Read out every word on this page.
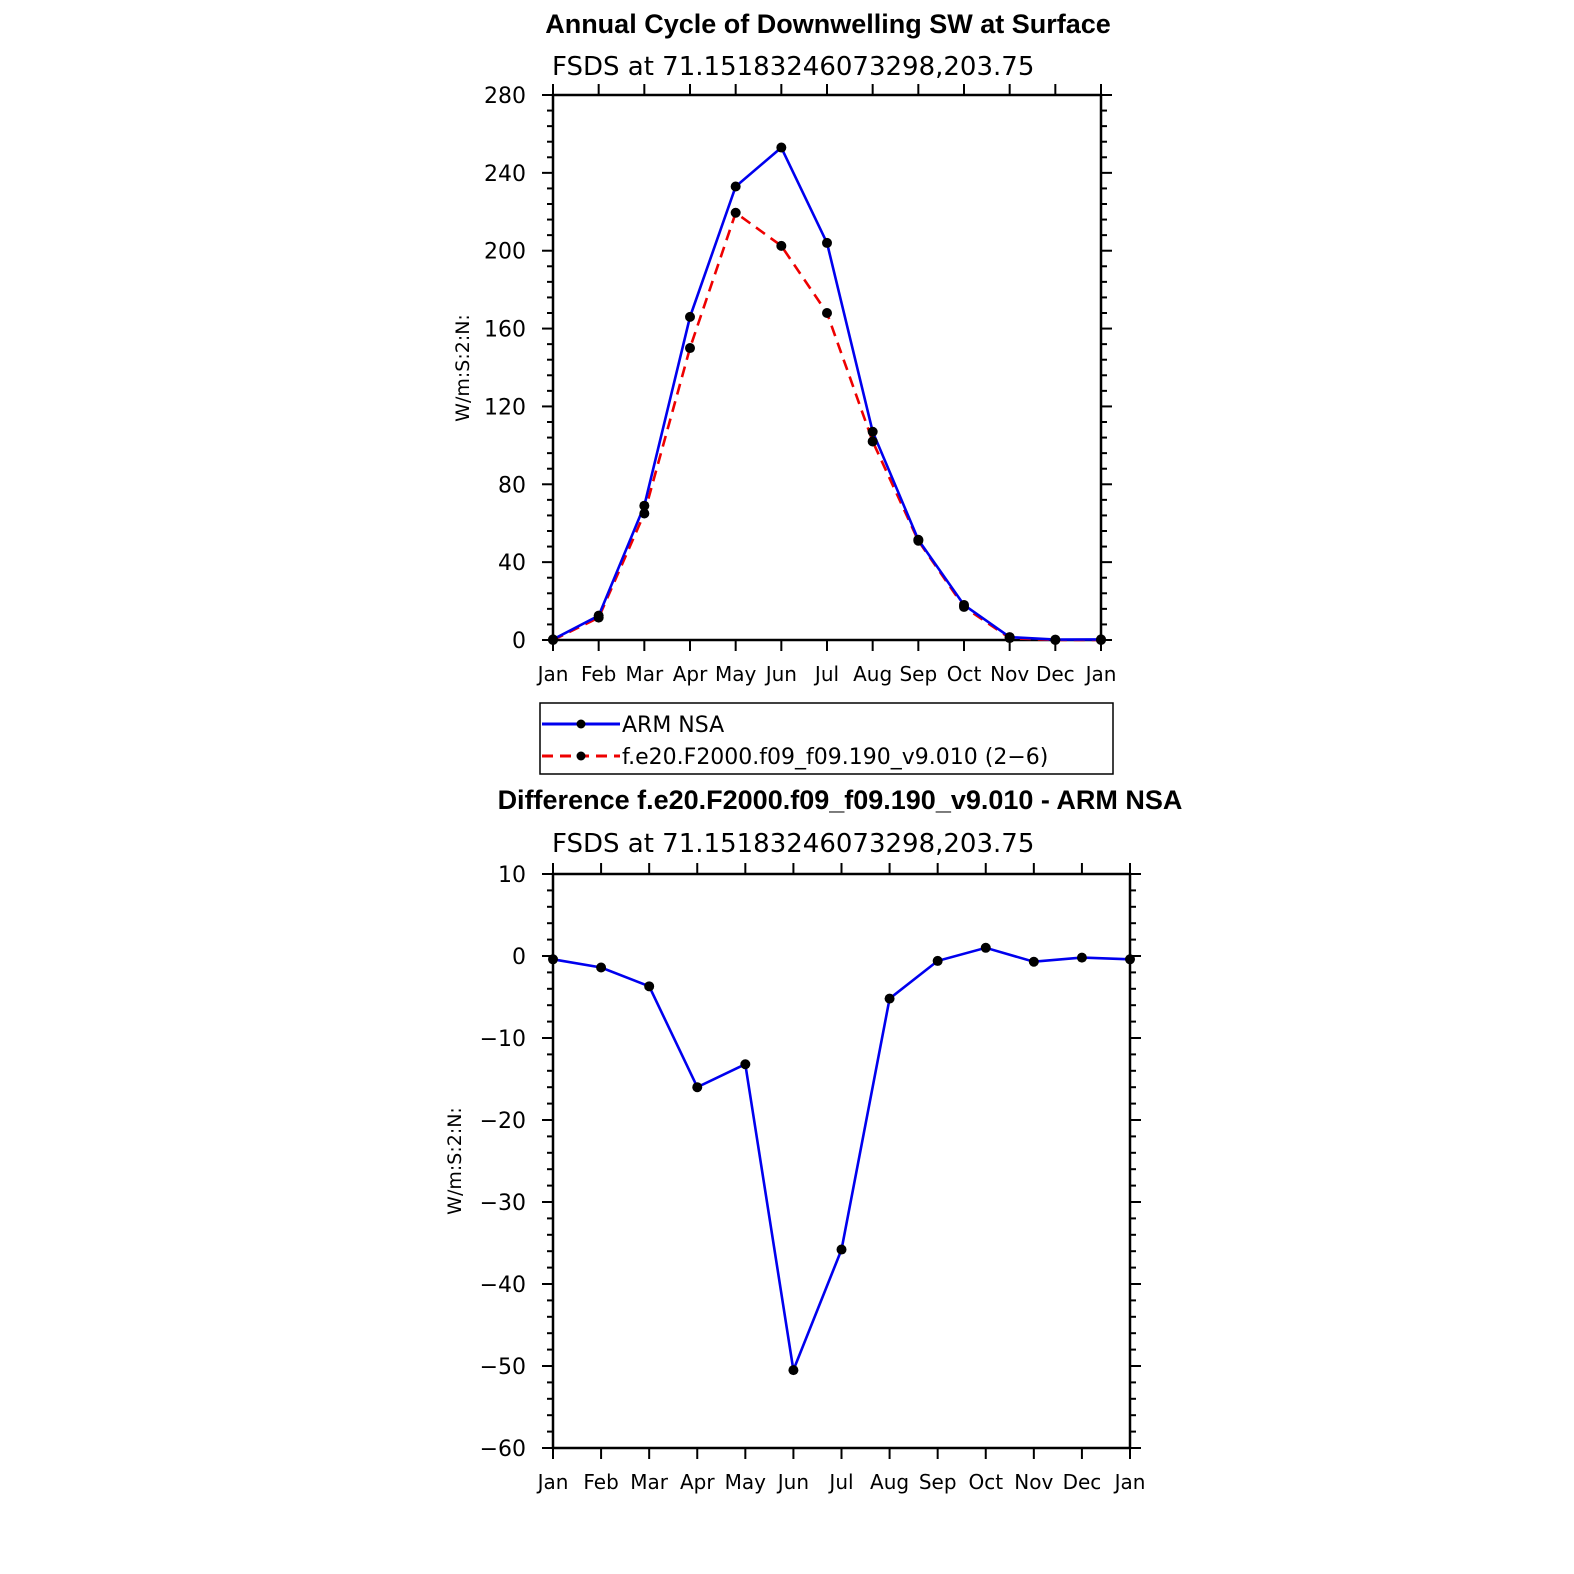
Annual Cycle of Downwelling SW at Surface
FSDS at 71.15183246073298,203.75
W/m:S:2:N:
0
40
80
120
160
200
240
280
Jan Feb Mar Apr May Jun Jul Aug Sep Oct Nov Dec Jan
ARM NSA
f.e20.F2000.f09_f09.190_v9.010 (2−6)
Difference f.e20.F2000.f09_f09.190_v9.010 - ARM NSA
FSDS at 71.15183246073298,203.75
W/m:S:2:N:
−60
−50
−40
−30
−20
−10
0
10
Jan Feb Mar Apr May Jun Jul Aug Sep Oct Nov Dec Jan
